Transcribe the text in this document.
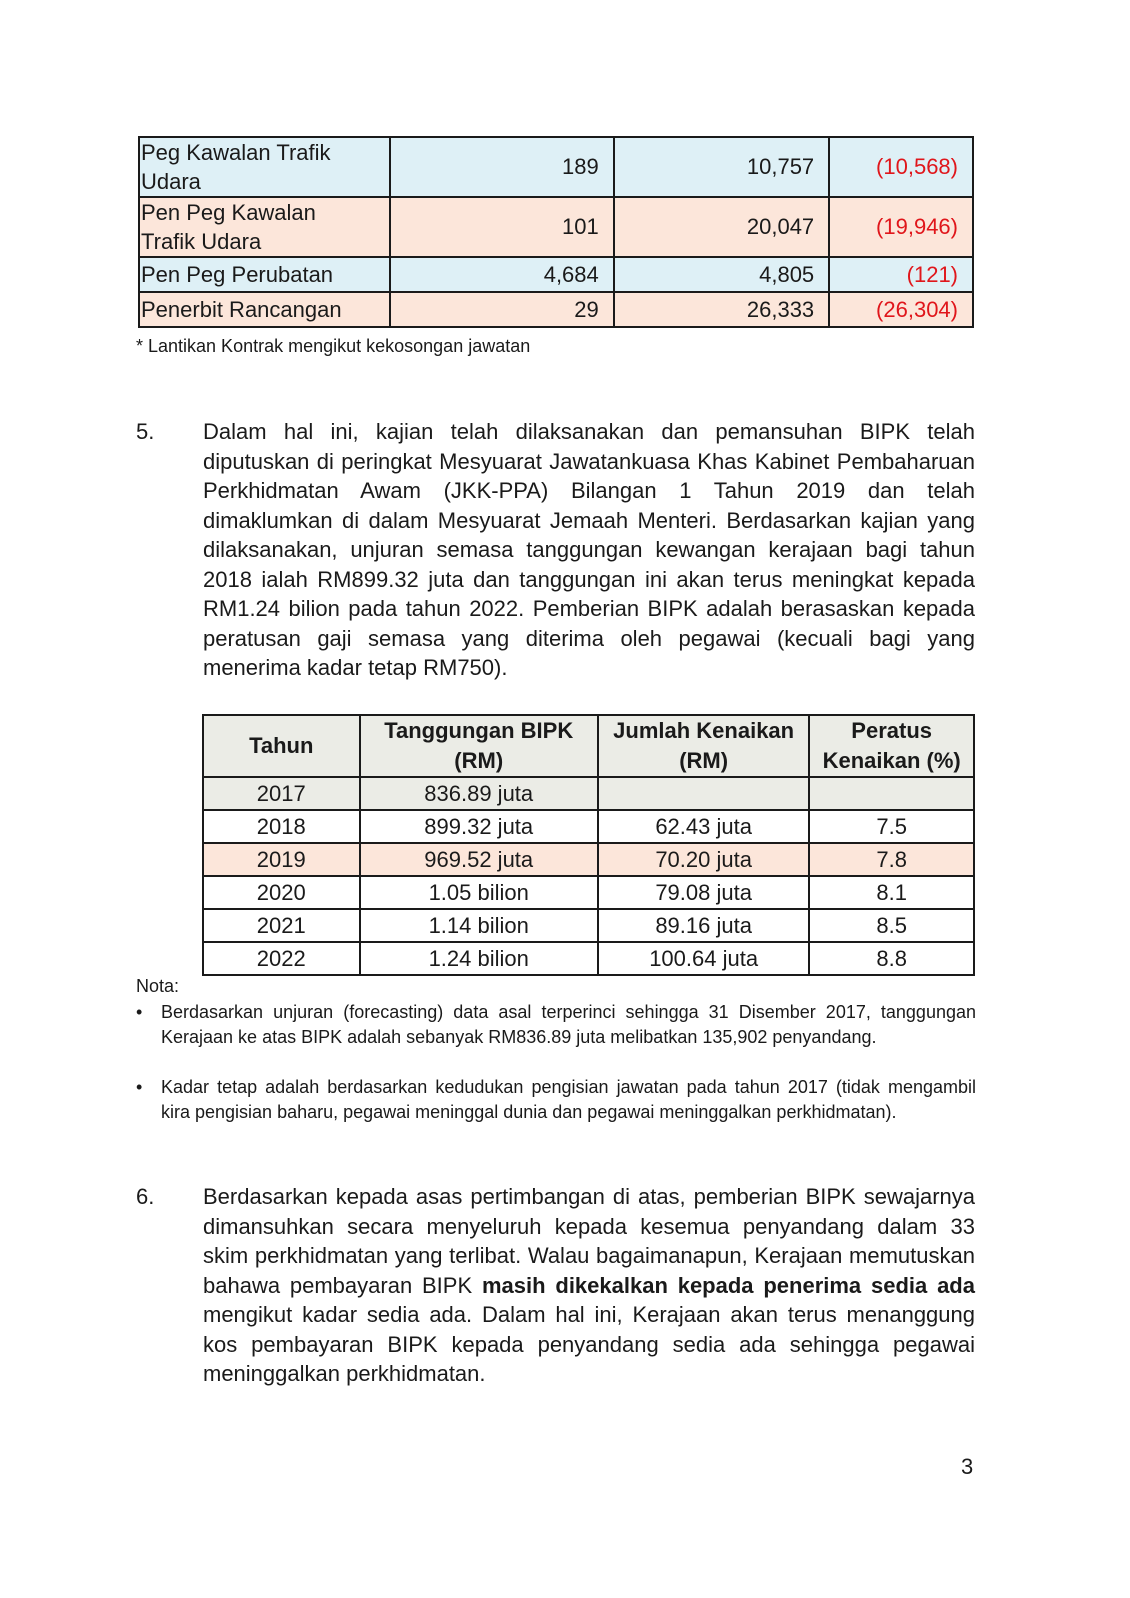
Peg Kawalan Trafik Udara	189	10,757	(10,568)
Pen Peg Kawalan Trafik Udara	101	20,047	(19,946)
Pen Peg Perubatan	4,684	4,805	(121)
Penerbit Rancangan	29	26,333	(26,304)
* Lantikan Kontrak mengikut kekosongan jawatan
5. Dalam hal ini, kajian telah dilaksanakan dan pemansuhan BIPK telah diputuskan di peringkat Mesyuarat Jawatankuasa Khas Kabinet Pembaharuan Perkhidmatan Awam (JKK-PPA) Bilangan 1 Tahun 2019 dan telah dimaklumkan di dalam Mesyuarat Jemaah Menteri. Berdasarkan kajian yang dilaksanakan, unjuran semasa tanggungan kewangan kerajaan bagi tahun 2018 ialah RM899.32 juta dan tanggungan ini akan terus meningkat kepada RM1.24 bilion pada tahun 2022. Pemberian BIPK adalah berasaskan kepada peratusan gaji semasa yang diterima oleh pegawai (kecuali bagi yang menerima kadar tetap RM750).

Tahun	Tanggungan BIPK (RM)	Jumlah Kenaikan (RM)	Peratus Kenaikan (%)
2017	836.89 juta		
2018	899.32 juta	62.43 juta	7.5
2019	969.52 juta	70.20 juta	7.8
2020	1.05 bilion	79.08 juta	8.1
2021	1.14 bilion	89.16 juta	8.5
2022	1.24 bilion	100.64 juta	8.8
Nota:
• Berdasarkan unjuran (forecasting) data asal terperinci sehingga 31 Disember 2017, tanggungan Kerajaan ke atas BIPK adalah sebanyak RM836.89 juta melibatkan 135,902 penyandang.
• Kadar tetap adalah berdasarkan kedudukan pengisian jawatan pada tahun 2017 (tidak mengambil kira pengisian baharu, pegawai meninggal dunia dan pegawai meninggalkan perkhidmatan).
6. Berdasarkan kepada asas pertimbangan di atas, pemberian BIPK sewajarnya dimansuhkan secara menyeluruh kepada kesemua penyandang dalam 33 skim perkhidmatan yang terlibat. Walau bagaimanapun, Kerajaan memutuskan bahawa pembayaran BIPK masih dikekalkan kepada penerima sedia ada mengikut kadar sedia ada. Dalam hal ini, Kerajaan akan terus menanggung kos pembayaran BIPK kepada penyandang sedia ada sehingga pegawai meninggalkan perkhidmatan.

3
